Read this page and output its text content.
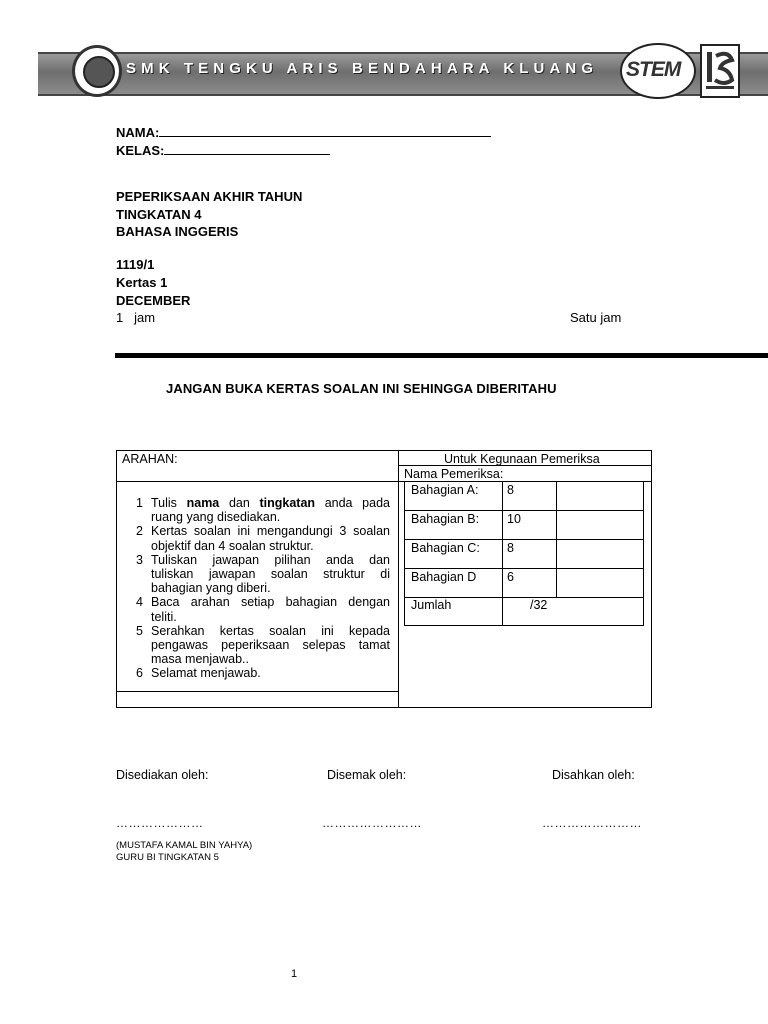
SMK TENGKU ARIS BENDAHARA KLUANG STEM
NAMA:
KELAS:
PEPERIKSAAN AKHIR TAHUN
TINGKATAN 4
BAHASA INGGERIS
1119/1
Kertas 1
DECEMBER
1 jam	Satu jam
JANGAN BUKA KERTAS SOALAN INI SEHINGGA DIBERITAHU
ARAHAN:	Untuk Kegunaan Pemeriksa
Nama Pemeriksa:
1 Tulis nama dan tingkatan anda pada
ruang yang disediakan.
2 Kertas soalan ini mengandungi 3 soalan
objektif dan 4 soalan struktur.
3 Tuliskan jawapan pilihan anda dan
tuliskan jawapan soalan struktur di
bahagian yang diberi.
4 Baca arahan setiap bahagian dengan
teliti.
5 Serahkan kertas soalan ini kepada
pengawas peperiksaan selepas tamat
masa menjawab..
6 Selamat menjawab.
Bahagian A: 8
Bahagian B: 10
Bahagian C: 8
Bahagian D 6
Jumlah	/32
Disediakan oleh:	Disemak oleh:	Disahkan oleh:
…………………	……………………	……………………
(MUSTAFA KAMAL BIN YAHYA)
GURU BI TINGKATAN 5
1
